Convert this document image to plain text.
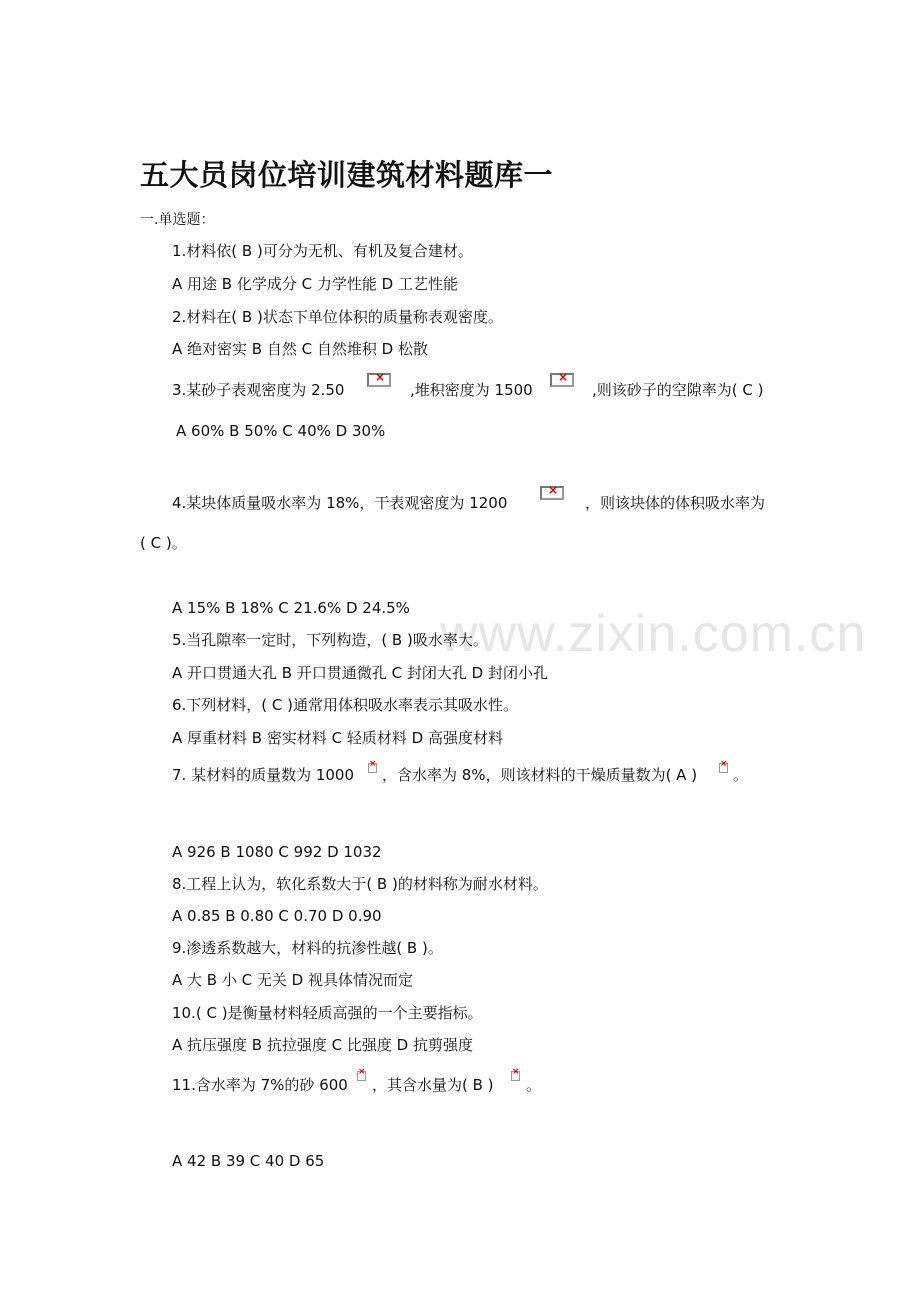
www.zixin.com.cn
五大员岗位培训建筑材料题库一
一.单选题：
1.材料依( B )可分为无机、有机及复合建材。
A 用途 B 化学成分 C 力学性能 D 工艺性能
2.材料在( B )状态下单位体积的质量称表观密度。
A 绝对密实 B 自然 C 自然堆积 D 松散
3.某砂子表观密度为 2.50
×	,堆积密度为 1500
×	,则该砂子的空隙率为( C )
A 60% B 50% C 40% D 30%
4.某块体质量吸水率为 18%，干表观密度为 1200
×	，则该块体的体积吸水率为
( C )。
A 15% B 18% C 21.6% D 24.5%
5.当孔隙率一定时，下列构造，( B )吸水率大。
A 开口贯通大孔 B 开口贯通微孔 C 封闭大孔 D 封闭小孔
6.下列材料，( C )通常用体积吸水率表示其吸水性。
A 厚重材料 B 密实材料 C 轻质材料 D 高强度材料
7. 某材料的质量数为 1000 × ，含水率为 8%，则该材料的干燥质量数为( A ) × 。
A 926 B 1080 C 992 D 1032
8.工程上认为，软化系数大于( B )的材料称为耐水材料。
A 0.85 B 0.80 C 0.70 D 0.90
9.渗透系数越大，材料的抗渗性越( B )。
A 大 B 小 C 无关 D 视具体情况而定
10.( C )是衡量材料轻质高强的一个主要指标。
A 抗压强度 B 抗拉强度 C 比强度 D 抗剪强度
11.含水率为 7%的砂 600 × ，其含水量为( B ) × 。
A 42 B 39 C 40 D 65
